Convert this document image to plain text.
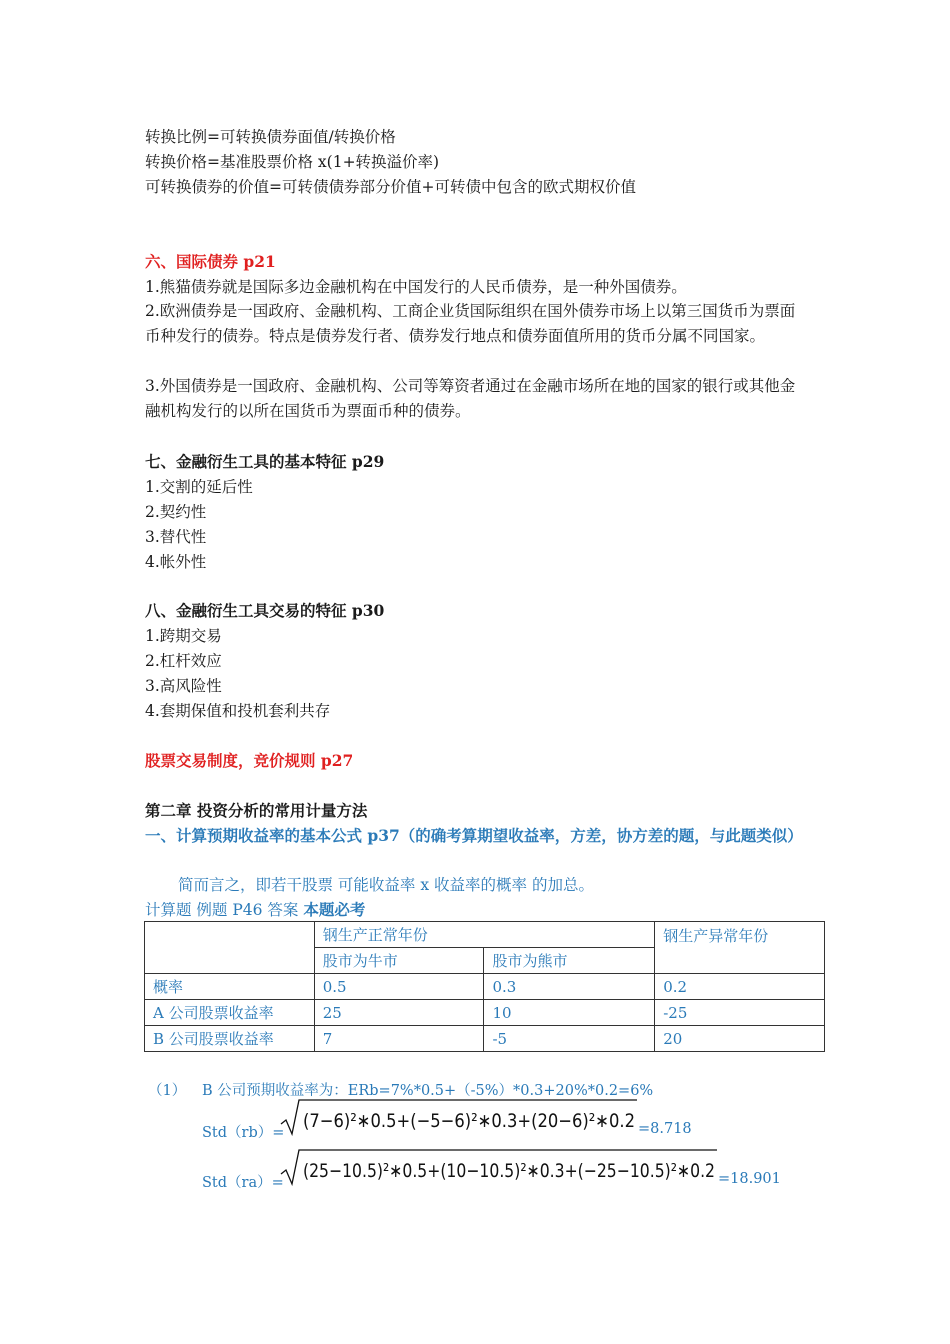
转换比例=可转换债券面值/转换价格
转换价格=基准股票价格 x(1+转换溢价率)
可转换债券的价值=可转债债券部分价值+可转债中包含的欧式期权价值
六、国际债券 p21
1.熊猫债券就是国际多边金融机构在中国发行的人民币债券，是一种外国债券。
2.欧洲债券是一国政府、金融机构、工商企业货国际组织在国外债券市场上以第三国货币为票面币种发行的债券。特点是债券发行者、债券发行地点和债券面值所用的货币分属不同国家。
3.外国债券是一国政府、金融机构、公司等筹资者通过在金融市场所在地的国家的银行或其他金融机构发行的以所在国货币为票面币种的债券。
七、金融衍生工具的基本特征 p29
1.交割的延后性
2.契约性
3.替代性
4.帐外性
八、金融衍生工具交易的特征 p30
1.跨期交易
2.杠杆效应
3.高风险性
4.套期保值和投机套利共存
股票交易制度，竞价规则 p27
第二章 投资分析的常用计量方法
一、计算预期收益率的基本公式 p37（的确考算期望收益率，方差，协方差的题，与此题类似）
简而言之，即若干股票 可能收益率 x 收益率的概率 的加总。
计算题 例题 P46 答案 本题必考
	钢生产正常年份		钢生产异常年份
	股市为牛市	股市为熊市	
概率	0.5	0.3	0.2
A 公司股票收益率	25	10	-25
B 公司股票收益率	7	-5	20
（1） B 公司预期收益率为：ERb=7%*0.5+（-5%）*0.3+20%*0.2=6%
Std（rb）=
(7−6)²∗0.5+(−5−6)²∗0.3+(20−6)²∗0.2 =8.718
Std（ra）=
(25−10.5)²∗0.5+(10−10.5)²∗0.3+(−25−10.5)²∗0.2 =18.901
